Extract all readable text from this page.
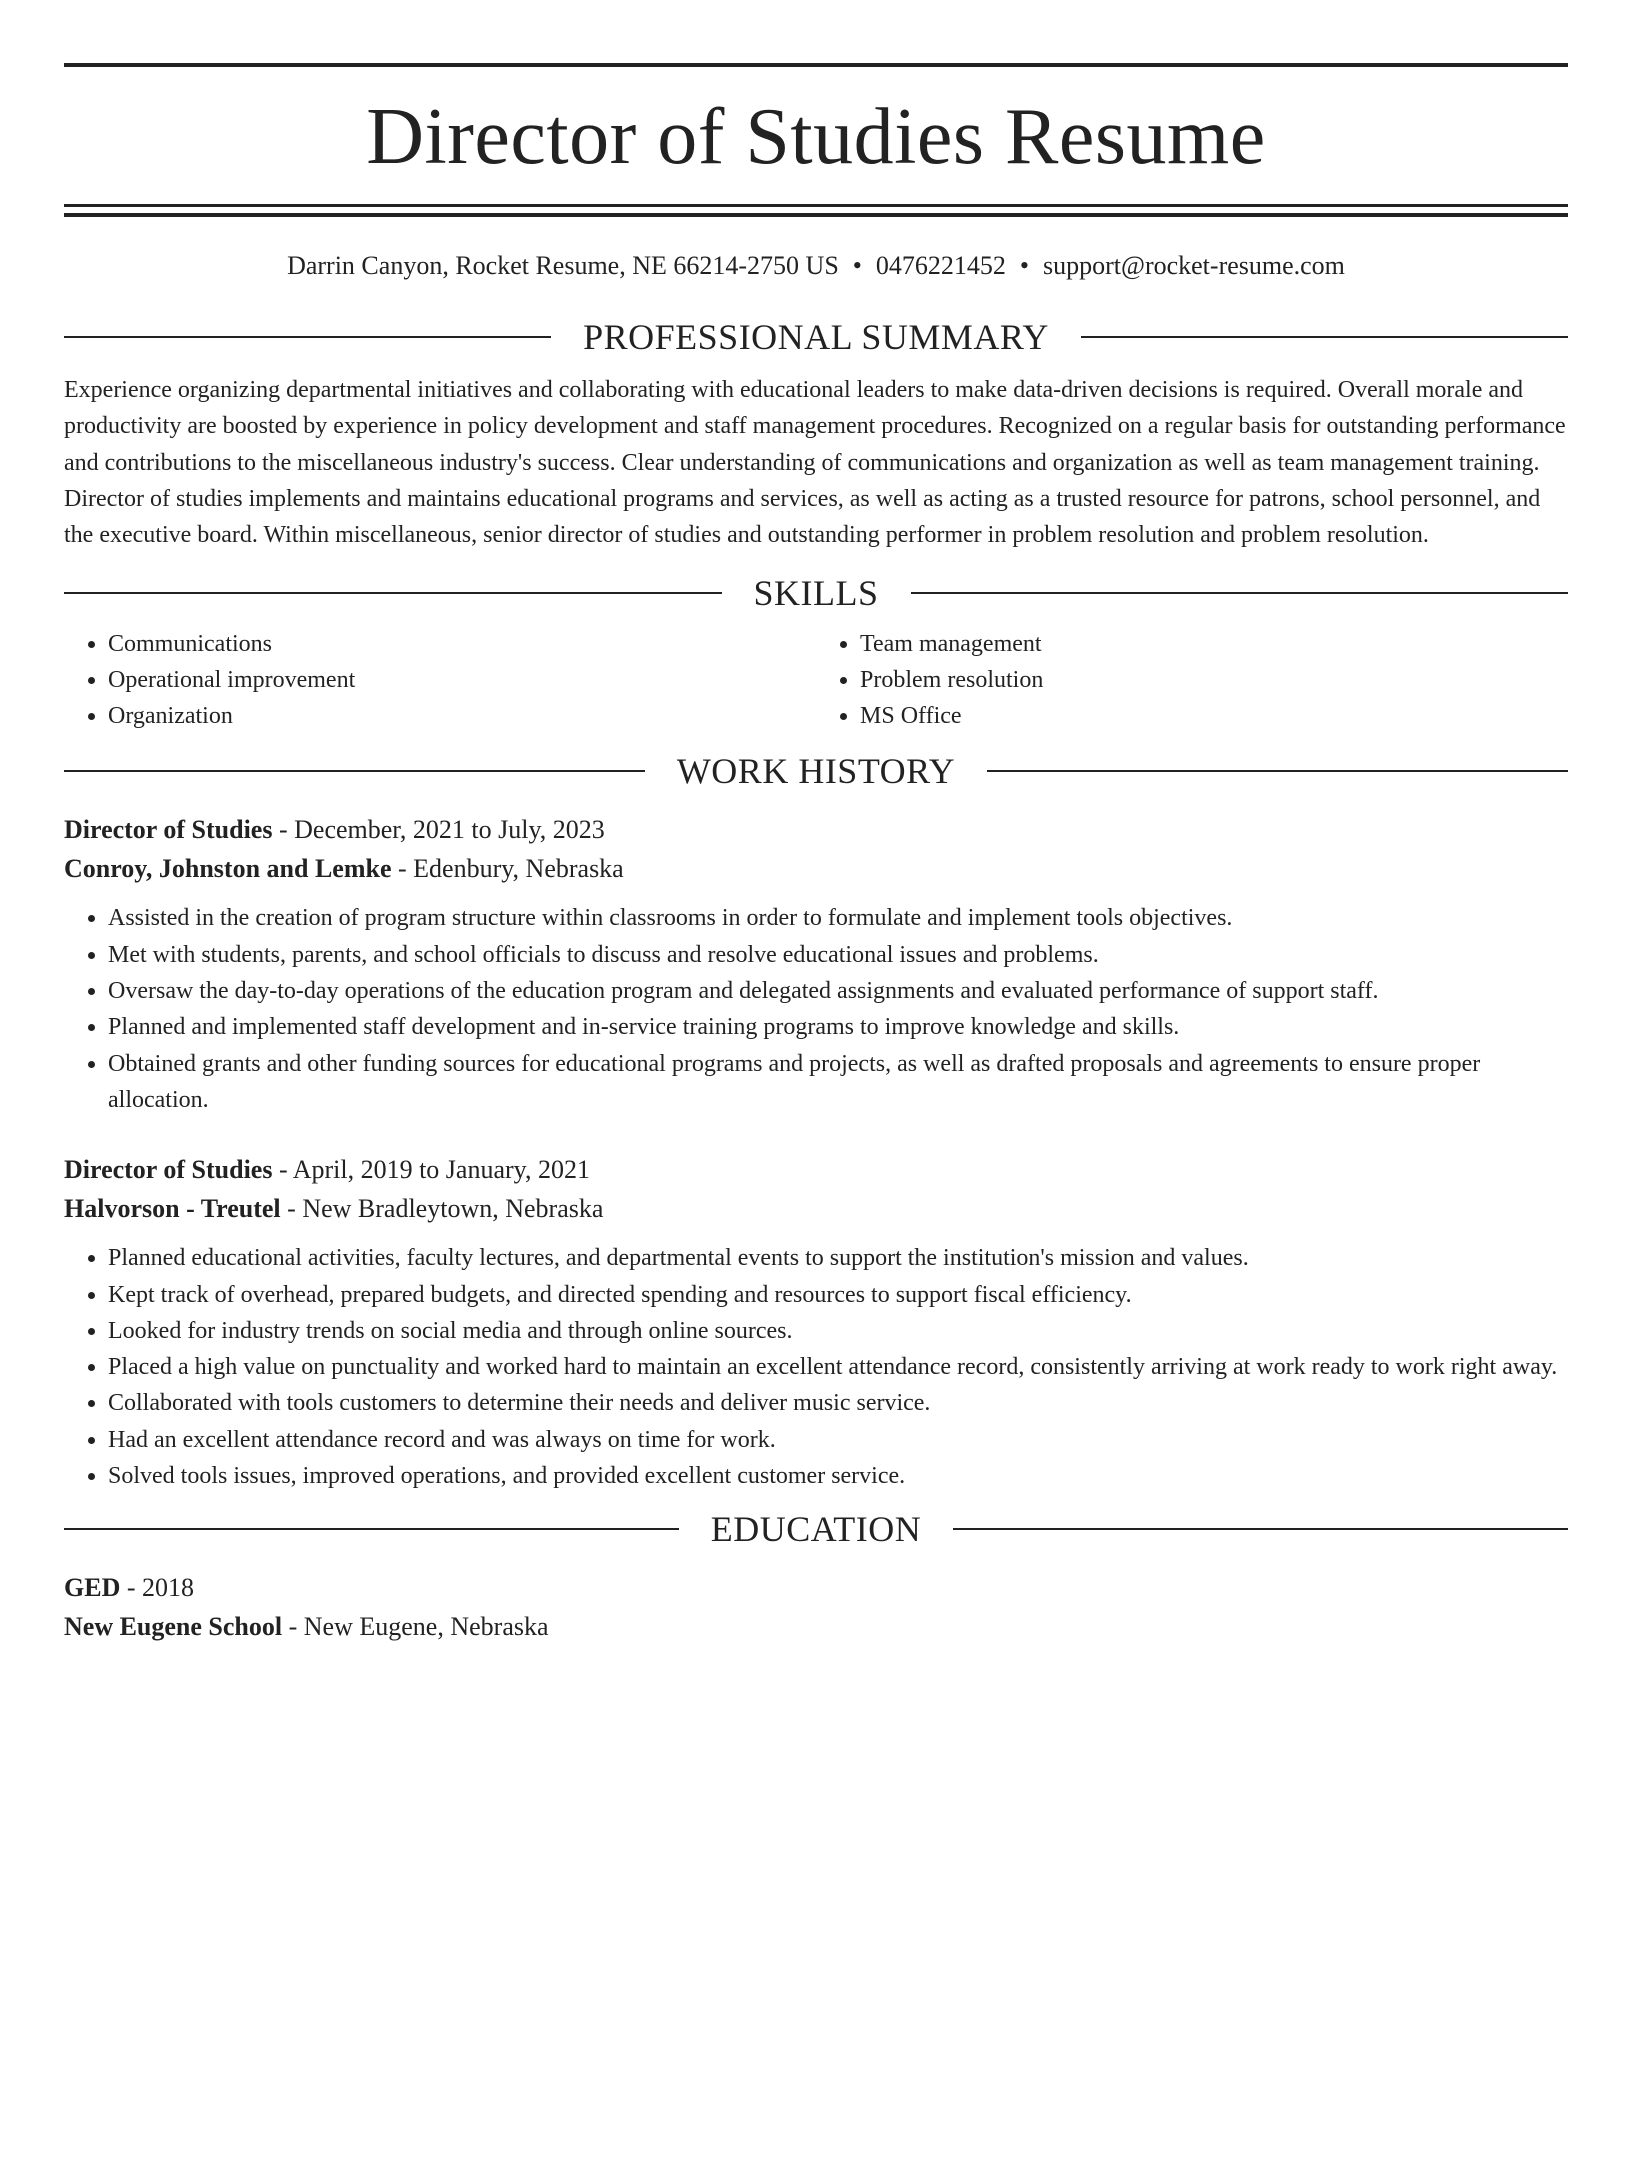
Director of Studies Resume
Darrin Canyon, Rocket Resume, NE 66214-2750 US • 0476221452 • support@rocket-resume.com
PROFESSIONAL SUMMARY

Experience organizing departmental initiatives and collaborating with educational leaders to make data-driven decisions is required. Overall morale and productivity are boosted by experience in policy development and staff management procedures. Recognized on a regular basis for outstanding performance and contributions to the miscellaneous industry's success. Clear understanding of communications and organization as well as team management training. Director of studies implements and maintains educational programs and services, as well as acting as a trusted resource for patrons, school personnel, and the executive board. Within miscellaneous, senior director of studies and outstanding performer in problem resolution and problem resolution.

SKILLS
• Communications
• Operational improvement
• Organization
• Team management
• Problem resolution
• MS Office
WORK HISTORY
Director of Studies - December, 2021 to July, 2023
Conroy, Johnston and Lemke - Edenbury, Nebraska
• Assisted in the creation of program structure within classrooms in order to formulate and implement tools objectives.
• Met with students, parents, and school officials to discuss and resolve educational issues and problems.
• Oversaw the day-to-day operations of the education program and delegated assignments and evaluated performance of support staff.
• Planned and implemented staff development and in-service training programs to improve knowledge and skills.
• Obtained grants and other funding sources for educational programs and projects, as well as drafted proposals and agreements to ensure proper allocation.
Director of Studies - April, 2019 to January, 2021
Halvorson - Treutel - New Bradleytown, Nebraska
• Planned educational activities, faculty lectures, and departmental events to support the institution's mission and values.
• Kept track of overhead, prepared budgets, and directed spending and resources to support fiscal efficiency.
• Looked for industry trends on social media and through online sources.
• Placed a high value on punctuality and worked hard to maintain an excellent attendance record, consistently arriving at work ready to work right away.
• Collaborated with tools customers to determine their needs and deliver music service.
• Had an excellent attendance record and was always on time for work.
• Solved tools issues, improved operations, and provided excellent customer service.
EDUCATION
GED - 2018
New Eugene School - New Eugene, Nebraska
